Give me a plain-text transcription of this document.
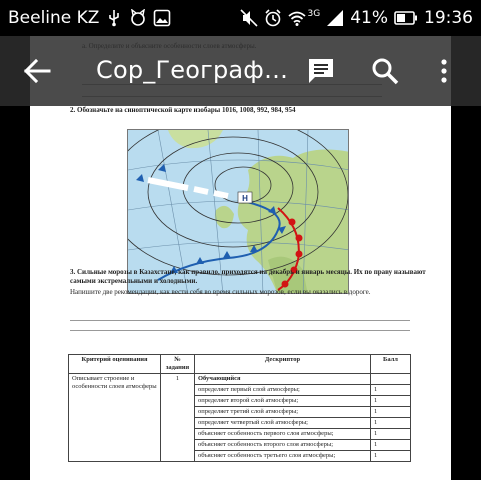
Beeline KZ	3G 41% 19:36
2. Обозначьте на синоптической карте изобары 1016, 1008, 992, 984, 954
H
3. Сильные морозы в Казахстане, как правило, приходятся на декабрь и январь месяцы. Их по праву называют самыми экстремальными и холодными.
Напишите две рекомендации, как вести себя во время сильных морозов, если вы оказались в дороге.
Критерий оценивания	№ задания	Дескриптор	Балл
Описывает строение и особенности слоев атмосферы	1	Обучающийся	
		определяет первый слой атмосферы;	1
		определяет второй слой атмосферы;	1
		определяет третий слой атмосферы;	1
		определяет четвертый слой атмосферы;	1
		объясняет особенность первого слоя атмосферы;	1
		объясняет особенность второго слоя атмосферы;	1
		объясняет особенность третьего слоя атмосферы;	1
Сор_Географ…
